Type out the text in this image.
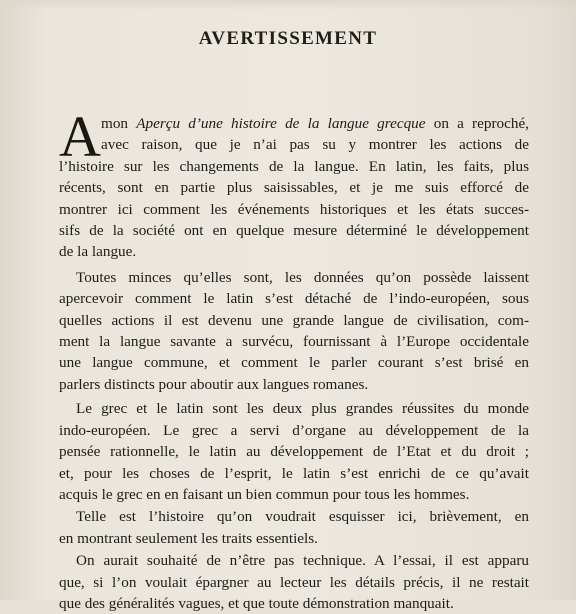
AVERTISSEMENT

A mon Aperçu d’une histoire de la langue grecque on a reproché,
avec raison, que je n’ai pas su y montrer les actions de
l’histoire sur les changements de la langue. En latin, les faits, plus
récents, sont en partie plus saisissables, et je me suis efforcé de
montrer ici comment les événements historiques et les états succes-
sifs de la société ont en quelque mesure déterminé le développement
de la langue.

Toutes minces qu’elles sont, les données qu’on possède laissent
apercevoir comment le latin s’est détaché de l’indo-européen, sous
quelles actions il est devenu une grande langue de civilisation, com-
ment la langue savante a survécu, fournissant à l’Europe occidentale
une langue commune, et comment le parler courant s’est brisé en
parlers distincts pour aboutir aux langues romanes.

Le grec et le latin sont les deux plus grandes réussites du monde
indo-européen. Le grec a servi d’organe au développement de la
pensée rationnelle, le latin au développement de l’Etat et du droit ;
et, pour les choses de l’esprit, le latin s’est enrichi de ce qu’avait
acquis le grec en en faisant un bien commun pour tous les hommes.

Telle est l’histoire qu’on voudrait esquisser ici, brièvement, en
en montrant seulement les traits essentiels.

On aurait souhaité de n’être pas technique. A l’essai, il est apparu
que, si l’on voulait épargner au lecteur les détails précis, il ne restait
que des généralités vagues, et que toute démonstration manquait.
